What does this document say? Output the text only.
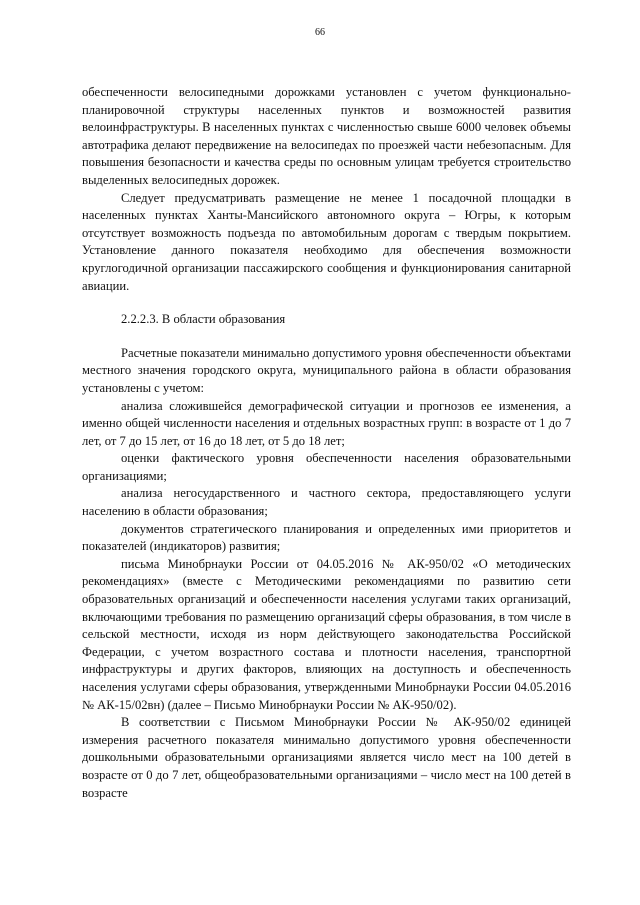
66

обеспеченности велосипедными дорожками установлен с учетом функционально-планировочной структуры населенных пунктов и возможностей развития велоинфраструктуры. В населенных пунктах с численностью свыше 6000 человек объемы автотрафика делают передвижение на велосипедах по проезжей части небезопасным. Для повышения безопасности и качества среды по основным улицам требуется строительство выделенных велосипедных дорожек.

Следует предусматривать размещение не менее 1 посадочной площадки в населенных пунктах Ханты-Мансийского автономного округа – Югры, к которым отсутствует возможность подъезда по автомобильным дорогам с твердым покрытием. Установление данного показателя необходимо для обеспечения возможности круглогодичной организации пассажирского сообщения и функционирования санитарной авиации.

2.2.2.3. В области образования

Расчетные показатели минимально допустимого уровня обеспеченности объектами местного значения городского округа, муниципального района в области образования установлены с учетом:

анализа сложившейся демографической ситуации и прогнозов ее изменения, а именно общей численности населения и отдельных возрастных групп: в возрасте от 1 до 7 лет, от 7 до 15 лет, от 16 до 18 лет, от 5 до 18 лет;

оценки фактического уровня обеспеченности населения образовательными организациями;

анализа негосударственного и частного сектора, предоставляющего услуги населению в области образования;

документов стратегического планирования и определенных ими приоритетов и показателей (индикаторов) развития;

письма Минобрнауки России от 04.05.2016 № АК-950/02 «О методических рекомендациях» (вместе с Методическими рекомендациями по развитию сети образовательных организаций и обеспеченности населения услугами таких организаций, включающими требования по размещению организаций сферы образования, в том числе в сельской местности, исходя из норм действующего законодательства Российской Федерации, с учетом возрастного состава и плотности населения, транспортной инфраструктуры и других факторов, влияющих на доступность и обеспеченность населения услугами сферы образования, утвержденными Минобрнауки России 04.05.2016 № АК-15/02вн) (далее – Письмо Минобрнауки России № АК-950/02).

В соответствии с Письмом Минобрнауки России № АК-950/02 единицей измерения расчетного показателя минимально допустимого уровня обеспеченности дошкольными образовательными организациями является число мест на 100 детей в возрасте от 0 до 7 лет, общеобразовательными организациями – число мест на 100 детей в возрасте
